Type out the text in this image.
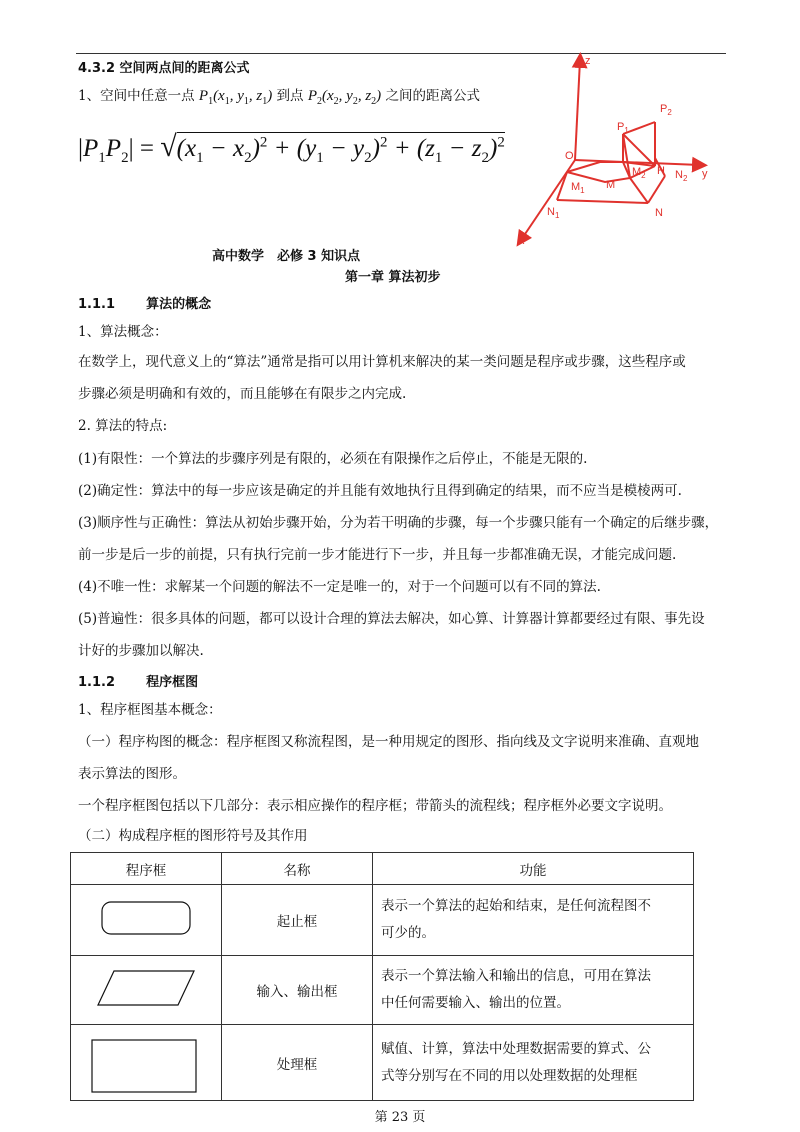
4.3.2 空间两点间的距离公式
1、空间中任意一点 $P_1(x_1$, $y_1$, $z_1$) 到点 $P_2(x_2$, $y_2$, $z_2$) 之间的距离公式
$|P_1P_2| = √(x_1 - x_2)^2 + (y_1 - y_2)^2 + (z_1 - z_2)^2$
z
y
x
O
$P_1$
$P_2$
$M_1$ M
$M_2$ H $N_2$
$N_1$	N
高中数学　必修 3 知识点
第一章 算法初步
1.1.1 算法的概念
1、算法概念：
在数学上，现代意义上的“算法”通常是指可以用计算机来解决的某一类问题是程序或步骤，这些程序或
步骤必须是明确和有效的，而且能够在有限步之内完成.
2. 算法的特点:
(1)有限性：一个算法的步骤序列是有限的，必须在有限操作之后停止，不能是无限的.
(2)确定性：算法中的每一步应该是确定的并且能有效地执行且得到确定的结果，而不应当是模棱两可.
(3)顺序性与正确性：算法从初始步骤开始，分为若干明确的步骤，每一个步骤只能有一个确定的后继步骤，
前一步是后一步的前提，只有执行完前一步才能进行下一步，并且每一步都准确无误，才能完成问题.
(4)不唯一性：求解某一个问题的解法不一定是唯一的，对于一个问题可以有不同的算法.
(5)普遍性：很多具体的问题，都可以设计合理的算法去解决，如心算、计算器计算都要经过有限、事先设
计好的步骤加以解决.
1.1.2 程序框图
1、程序框图基本概念：
（一）程序构图的概念：程序框图又称流程图，是一种用规定的图形、指向线及文字说明来准确、直观地
表示算法的图形。
一个程序框图包括以下几部分：表示相应操作的程序框；带箭头的流程线；程序框外必要文字说明。
（二）构成程序框的图形符号及其作用
程序框	名称	功能
	起止框	表示一个算法的起始和结束，是任何流程图不
可少的。

	输入、输出框	表示一个算法输入和输出的信息，可用在算法
中任何需要输入、输出的位置。

	处理框	赋值、计算，算法中处理数据需要的算式、公
式等分别写在不同的用以处理数据的处理框
第 23 页
